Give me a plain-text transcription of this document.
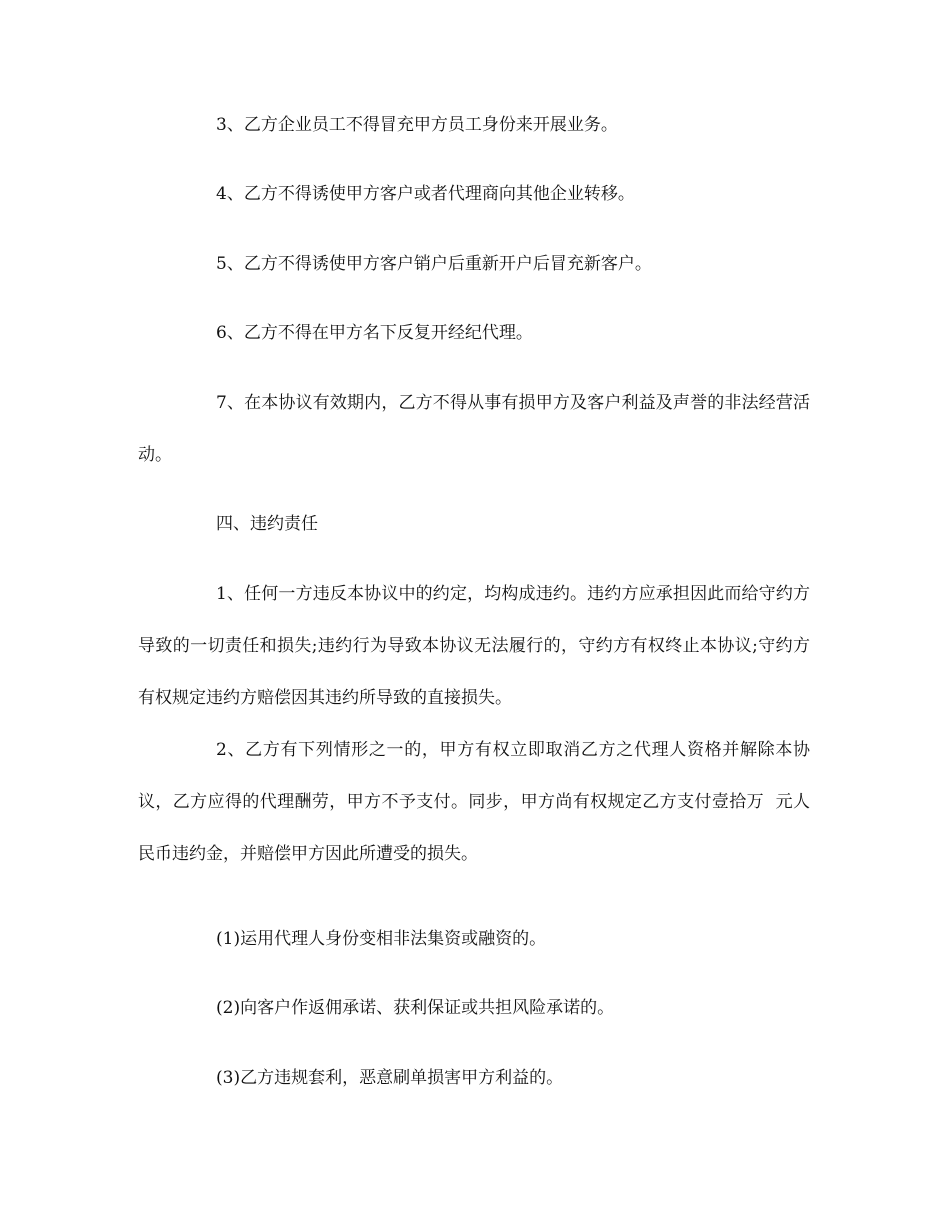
3、乙方企业员工不得冒充甲方员工身份来开展业务。

4、乙方不得诱使甲方客户或者代理商向其他企业转移。

5、乙方不得诱使甲方客户销户后重新开户后冒充新客户。

6、乙方不得在甲方名下反复开经纪代理。

7、在本协议有效期内，乙方不得从事有损甲方及客户利益及声誉的非法经营活动。

四、违约责任

1、任何一方违反本协议中的约定，均构成违约。违约方应承担因此而给守约方导致的一切责任和损失;违约行为导致本协议无法履行的，守约方有权终止本协议;守约方有权规定违约方赔偿因其违约所导致的直接损失。

2、乙方有下列情形之一的，甲方有权立即取消乙方之代理人资格并解除本协议，乙方应得的代理酬劳，甲方不予支付。同步，甲方尚有权规定乙方支付壹拾万  元人民币违约金，并赔偿甲方因此所遭受的损失。

(1)运用代理人身份变相非法集资或融资的。

(2)向客户作返佣承诺、获利保证或共担风险承诺的。

(3)乙方违规套利，恶意刷单损害甲方利益的。
